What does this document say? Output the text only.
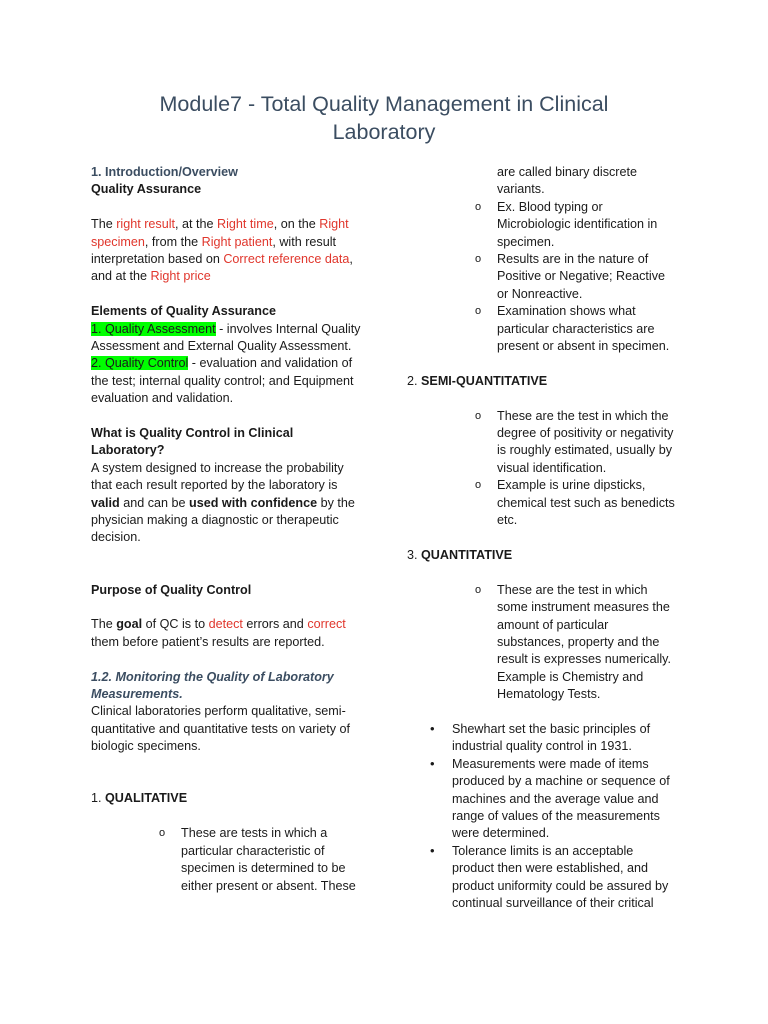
Module7 - Total Quality Management in Clinical
Laboratory

1. Introduction/Overview

Quality Assurance

The right result, at the Right time, on the Right specimen, from the Right patient, with result interpretation based on Correct reference data, and at the Right price

Elements of Quality Assurance

1. Quality Assessment - involves Internal Quality Assessment and External Quality Assessment.

2. Quality Control - evaluation and validation of the test; internal quality control; and Equipment evaluation and validation.

What is Quality Control in Clinical Laboratory?

A system designed to increase the probability that each result reported by the laboratory is valid and can be used with confidence by the physician making a diagnostic or therapeutic decision.

Purpose of Quality Control

The goal of QC is to detect errors and correct them before patient’s results are reported.

1.2. Monitoring the Quality of Laboratory Measurements.

Clinical laboratories perform qualitative, semi-quantitative and quantitative tests on variety of biologic specimens.

1. QUALITATIVE

o These are tests in which a particular characteristic of specimen is determined to be either present or absent. These
are called binary discrete variants.
o Ex. Blood typing or Microbiologic identification in specimen.
o Results are in the nature of Positive or Negative; Reactive or Nonreactive.
o Examination shows what particular characteristics are present or absent in specimen.

2. SEMI-QUANTITATIVE

o These are the test in which the degree of positivity or negativity is roughly estimated, usually by visual identification.
o Example is urine dipsticks, chemical test such as benedicts etc.

3. QUANTITATIVE

o These are the test in which some instrument measures the amount of particular substances, property and the result is expresses numerically. Example is Chemistry and Hematology Tests.
• Shewhart set the basic principles of industrial quality control in 1931.
• Measurements were made of items produced by a machine or sequence of machines and the average value and range of values of the measurements were determined.
• Tolerance limits is an acceptable product then were established, and product uniformity could be assured by continual surveillance of their critical
